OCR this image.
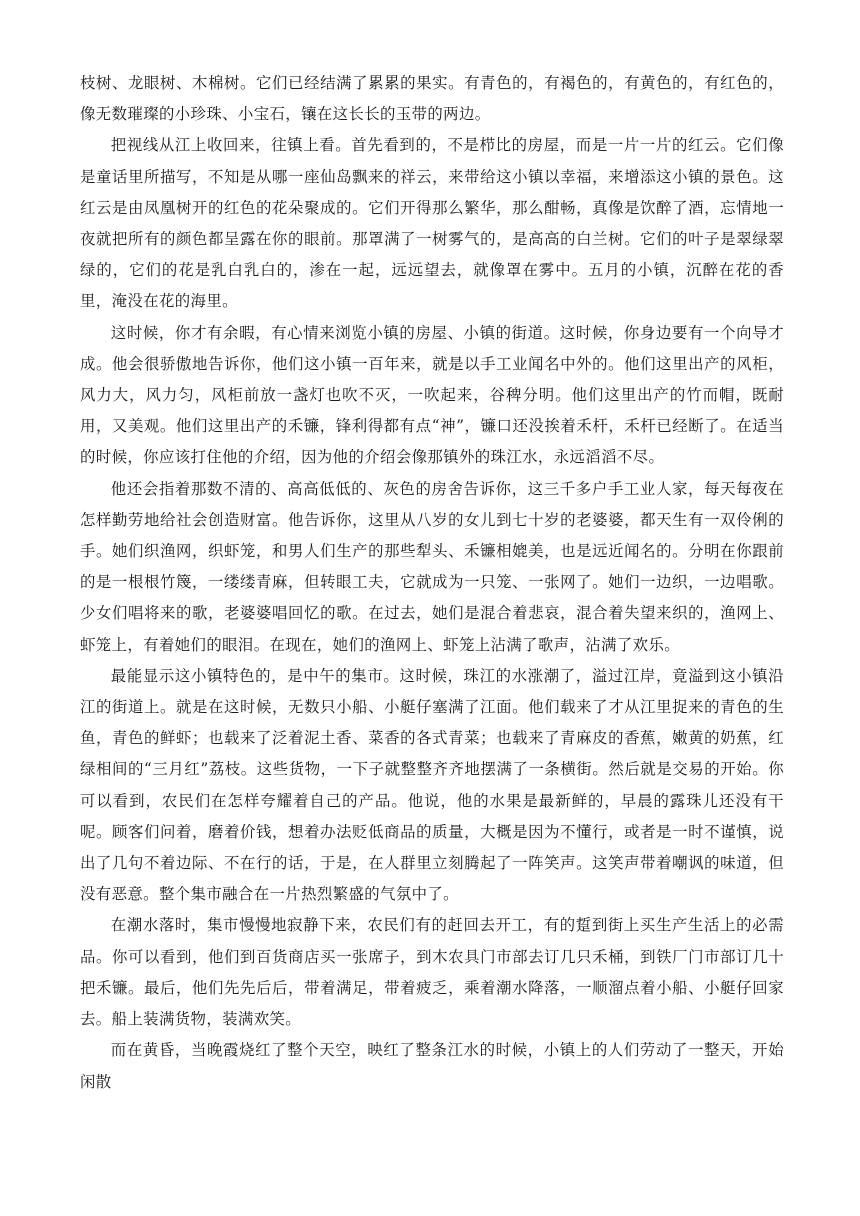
枝树、龙眼树、木棉树。它们已经结满了累累的果实。有青色的，有褐色的，有黄色的，有红色的，像无数璀璨的小珍珠、小宝石，镶在这长长的玉带的两边。

把视线从江上收回来，往镇上看。首先看到的，不是栉比的房屋，而是一片一片的红云。它们像是童话里所描写，不知是从哪一座仙岛飘来的祥云，来带给这小镇以幸福，来增添这小镇的景色。这红云是由凤凰树开的红色的花朵聚成的。它们开得那么繁华，那么酣畅，真像是饮醉了酒，忘情地一夜就把所有的颜色都呈露在你的眼前。那罩满了一树雾气的，是高高的白兰树。它们的叶子是翠绿翠绿的，它们的花是乳白乳白的，渗在一起，远远望去，就像罩在雾中。五月的小镇，沉醉在花的香里，淹没在花的海里。

这时候，你才有余暇，有心情来浏览小镇的房屋、小镇的街道。这时候，你身边要有一个向导才成。他会很骄傲地告诉你，他们这小镇一百年来，就是以手工业闻名中外的。他们这里出产的风柜，风力大，风力匀，风柜前放一盏灯也吹不灭，一吹起来，谷稗分明。他们这里出产的竹而帽，既耐用，又美观。他们这里出产的禾镰，锋利得都有点“神”，镰口还没挨着禾杆，禾杆已经断了。在适当的时候，你应该打住他的介绍，因为他的介绍会像那镇外的珠江水，永远滔滔不尽。

他还会指着那数不清的、高高低低的、灰色的房舍告诉你，这三千多户手工业人家，每天每夜在怎样勤劳地给社会创造财富。他告诉你，这里从八岁的女儿到七十岁的老婆婆，都天生有一双伶俐的手。她们织渔网，织虾笼，和男人们生产的那些犁头、禾镰相媲美，也是远近闻名的。分明在你跟前的是一根根竹篾，一缕缕青麻，但转眼工夫，它就成为一只笼、一张网了。她们一边织，一边唱歌。少女们唱将来的歌，老婆婆唱回忆的歌。在过去，她们是混合着悲哀，混合着失望来织的，渔网上、虾笼上，有着她们的眼泪。在现在，她们的渔网上、虾笼上沾满了歌声，沾满了欢乐。

最能显示这小镇特色的，是中午的集市。这时候，珠江的水涨潮了，溢过江岸，竟溢到这小镇沿江的街道上。就是在这时候，无数只小船、小艇仔塞满了江面。他们载来了才从江里捉来的青色的生鱼，青色的鲜虾；也载来了泛着泥土香、菜香的各式青菜；也载来了青麻皮的香蕉，嫩黄的奶蕉，红绿相间的“三月红”荔枝。这些货物，一下子就整整齐齐地摆满了一条横街。然后就是交易的开始。你可以看到，农民们在怎样夸耀着自己的产品。他说，他的水果是最新鲜的，早晨的露珠儿还没有干呢。顾客们问着，磨着价钱，想着办法贬低商品的质量，大概是因为不懂行，或者是一时不谨慎，说出了几句不着边际、不在行的话，于是，在人群里立刻腾起了一阵笑声。这笑声带着嘲讽的味道，但没有恶意。整个集市融合在一片热烈繁盛的气氛中了。

在潮水落时，集市慢慢地寂静下来，农民们有的赶回去开工，有的踅到街上买生产生活上的必需品。你可以看到，他们到百货商店买一张席子，到木农具门市部去订几只禾桶，到铁厂门市部订几十把禾镰。最后，他们先先后后，带着满足，带着疲乏，乘着潮水降落，一顺溜点着小船、小艇仔回家去。船上装满货物，装满欢笑。

而在黄昏，当晚霞烧红了整个天空，映红了整条江水的时候，小镇上的人们劳动了一整天，开始闲散
